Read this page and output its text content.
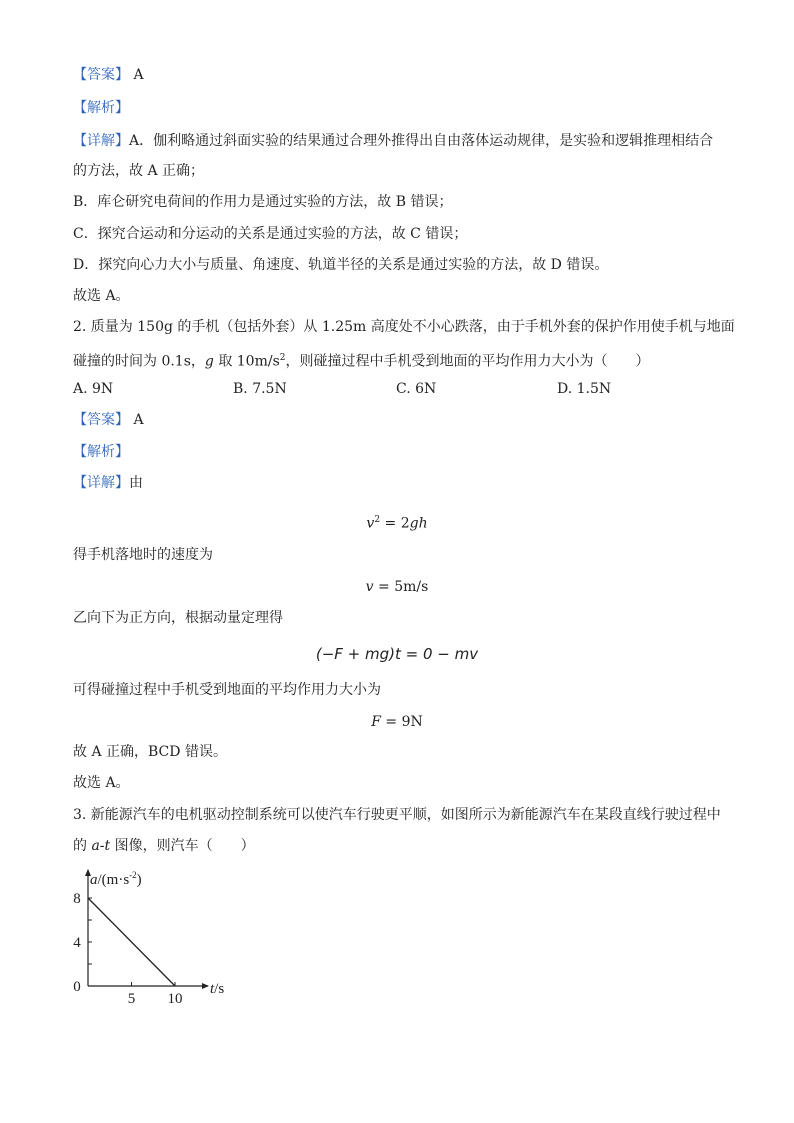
【答案】 A
【解析】
【详解】A．伽利略通过斜面实验的结果通过合理外推得出自由落体运动规律，是实验和逻辑推理相结合
的方法，故 A 正确；
B．库仑研究电荷间的作用力是通过实验的方法，故 B 错误；
C．探究合运动和分运动的关系是通过实验的方法，故 C 错误；
D．探究向心力大小与质量、角速度、轨道半径的关系是通过实验的方法，故 D 错误。
故选 A。
2. 质量为 150g 的手机（包括外套）从 1.25m 高度处不小心跌落，由于手机外套的保护作用使手机与地面
碰撞的时间为 0.1s，g 取 $10m/s^2$，则碰撞过程中手机受到地面的平均作用力大小为（　　）
A. 9N	B. 7.5N	C. 6N	D. 1.5N
【答案】 A
【解析】
【详解】由
$v^2 = 2gh$
得手机落地时的速度为
v = 5m/s
乙向下为正方向，根据动量定理得
(−F + mg)t = 0 − mv
可得碰撞过程中手机受到地面的平均作用力大小为
F = 9N
故 A 正确，BCD 错误。
故选 A。
3. 新能源汽车的电机驱动控制系统可以使汽车行驶更平顺，如图所示为新能源汽车在某段直线行驶过程中
的 a-t 图像，则汽车（　　）
5 10
8
4
$a/(m\cdot s^{-2})$
t/s
0
